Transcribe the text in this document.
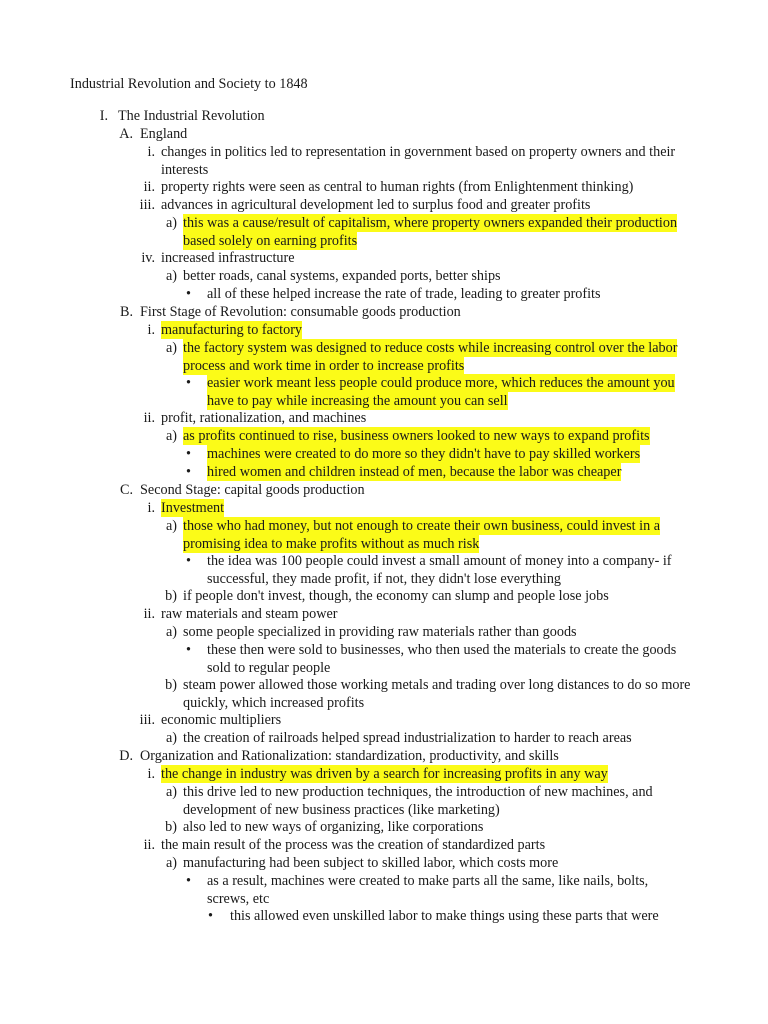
Industrial Revolution and Society to 1848
I. The Industrial Revolution
A. England
i. changes in politics led to representation in government based on property owners and their interests
ii. property rights were seen as central to human rights (from Enlightenment thinking)
iii. advances in agricultural development led to surplus food and greater profits
a) this was a cause/result of capitalism, where property owners expanded their production based solely on earning profits
iv. increased infrastructure
a) better roads, canal systems, expanded ports, better ships
•	all of these helped increase the rate of trade, leading to greater profits
B. First Stage of Revolution: consumable goods production
i. manufacturing to factory
a) the factory system was designed to reduce costs while increasing control over the labor process and work time in order to increase profits
•	easier work meant less people could produce more, which reduces the amount you have to pay while increasing the amount you can sell
ii. profit, rationalization, and machines
a) as profits continued to rise, business owners looked to new ways to expand profits
•	machines were created to do more so they didn't have to pay skilled workers
•	hired women and children instead of men, because the labor was cheaper
C. Second Stage: capital goods production
i. Investment
a) those who had money, but not enough to create their own business, could invest in a promising idea to make profits without as much risk
•	the idea was 100 people could invest a small amount of money into a company- if successful, they made profit, if not, they didn't lose everything
b) if people don't invest, though, the economy can slump and people lose jobs
ii. raw materials and steam power
a) some people specialized in providing raw materials rather than goods
•	these then were sold to businesses, who then used the materials to create the goods sold to regular people
b) steam power allowed those working metals and trading over long distances to do so more quickly, which increased profits
iii. economic multipliers
a) the creation of railroads helped spread industrialization to harder to reach areas
D. Organization and Rationalization: standardization, productivity, and skills
i. the change in industry was driven by a search for increasing profits in any way
a) this drive led to new production techniques, the introduction of new machines, and development of new business practices (like marketing)
b) also led to new ways of organizing, like corporations
ii. the main result of the process was the creation of standardized parts
a) manufacturing had been subject to skilled labor, which costs more
•	as a result, machines were created to make parts all the same, like nails, bolts, screws, etc
•	this allowed even unskilled labor to make things using these parts that were
